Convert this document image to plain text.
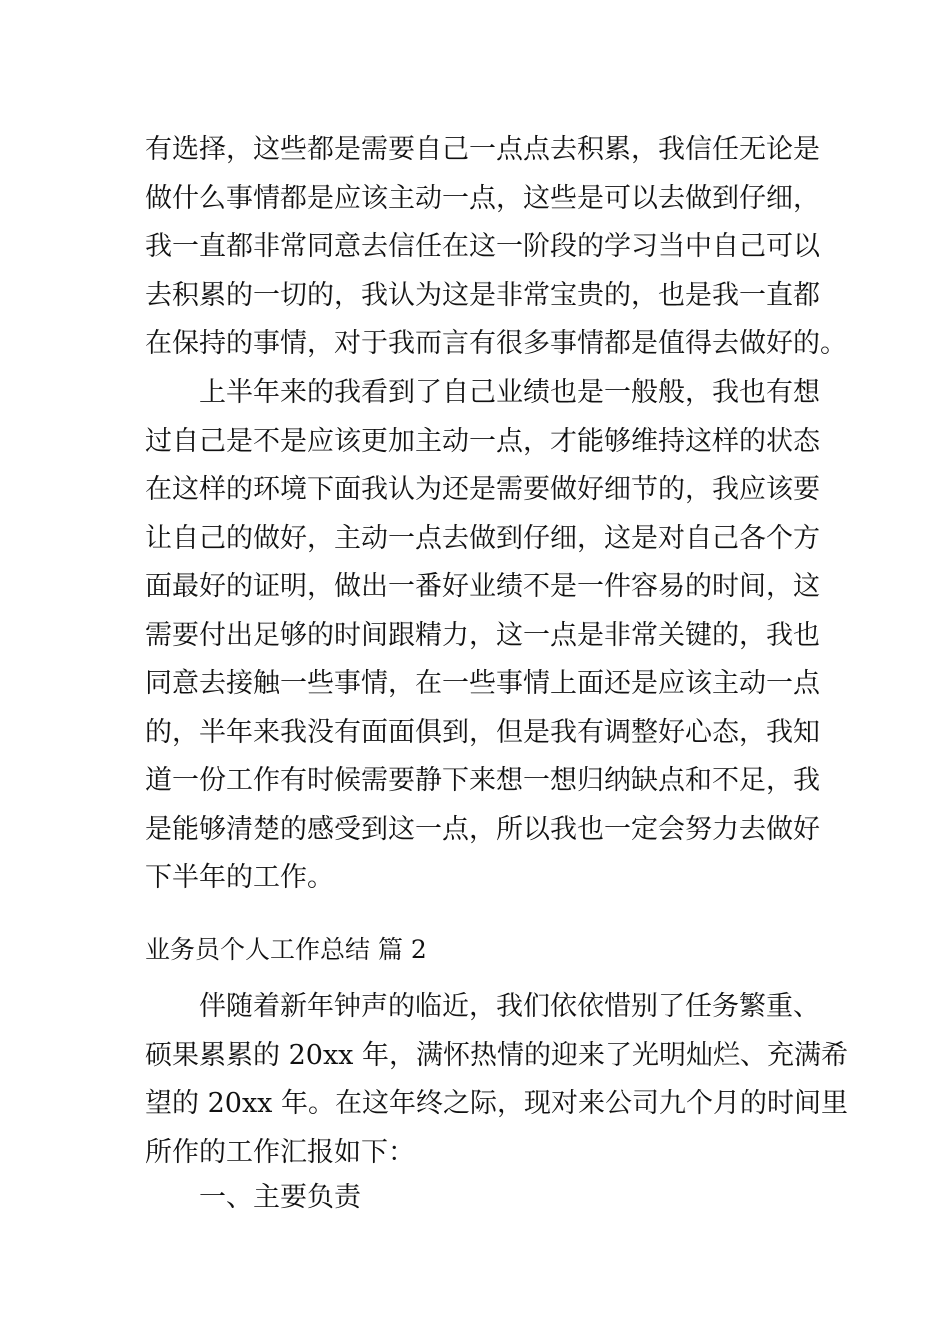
有选择，这些都是需要自己一点点去积累，我信任无论是
做什么事情都是应该主动一点，这些是可以去做到仔细，
我一直都非常同意去信任在这一阶段的学习当中自己可以
去积累的一切的，我认为这是非常宝贵的，也是我一直都
在保持的事情，对于我而言有很多事情都是值得去做好的。
上半年来的我看到了自己业绩也是一般般，我也有想
过自己是不是应该更加主动一点，才能够维持这样的状态
在这样的环境下面我认为还是需要做好细节的，我应该要
让自己的做好，主动一点去做到仔细，这是对自己各个方
面最好的证明，做出一番好业绩不是一件容易的时间，这
需要付出足够的时间跟精力，这一点是非常关键的，我也
同意去接触一些事情，在一些事情上面还是应该主动一点
的，半年来我没有面面俱到，但是我有调整好心态，我知
道一份工作有时候需要静下来想一想归纳缺点和不足，我
是能够清楚的感受到这一点，所以我也一定会努力去做好
下半年的工作。
业务员个人工作总结 篇 2
伴随着新年钟声的临近，我们依依惜别了任务繁重、
硕果累累的 20xx 年，满怀热情的迎来了光明灿烂、充满希
望的 20xx 年。在这年终之际，现对来公司九个月的时间里
所作的工作汇报如下：
一、主要负责
